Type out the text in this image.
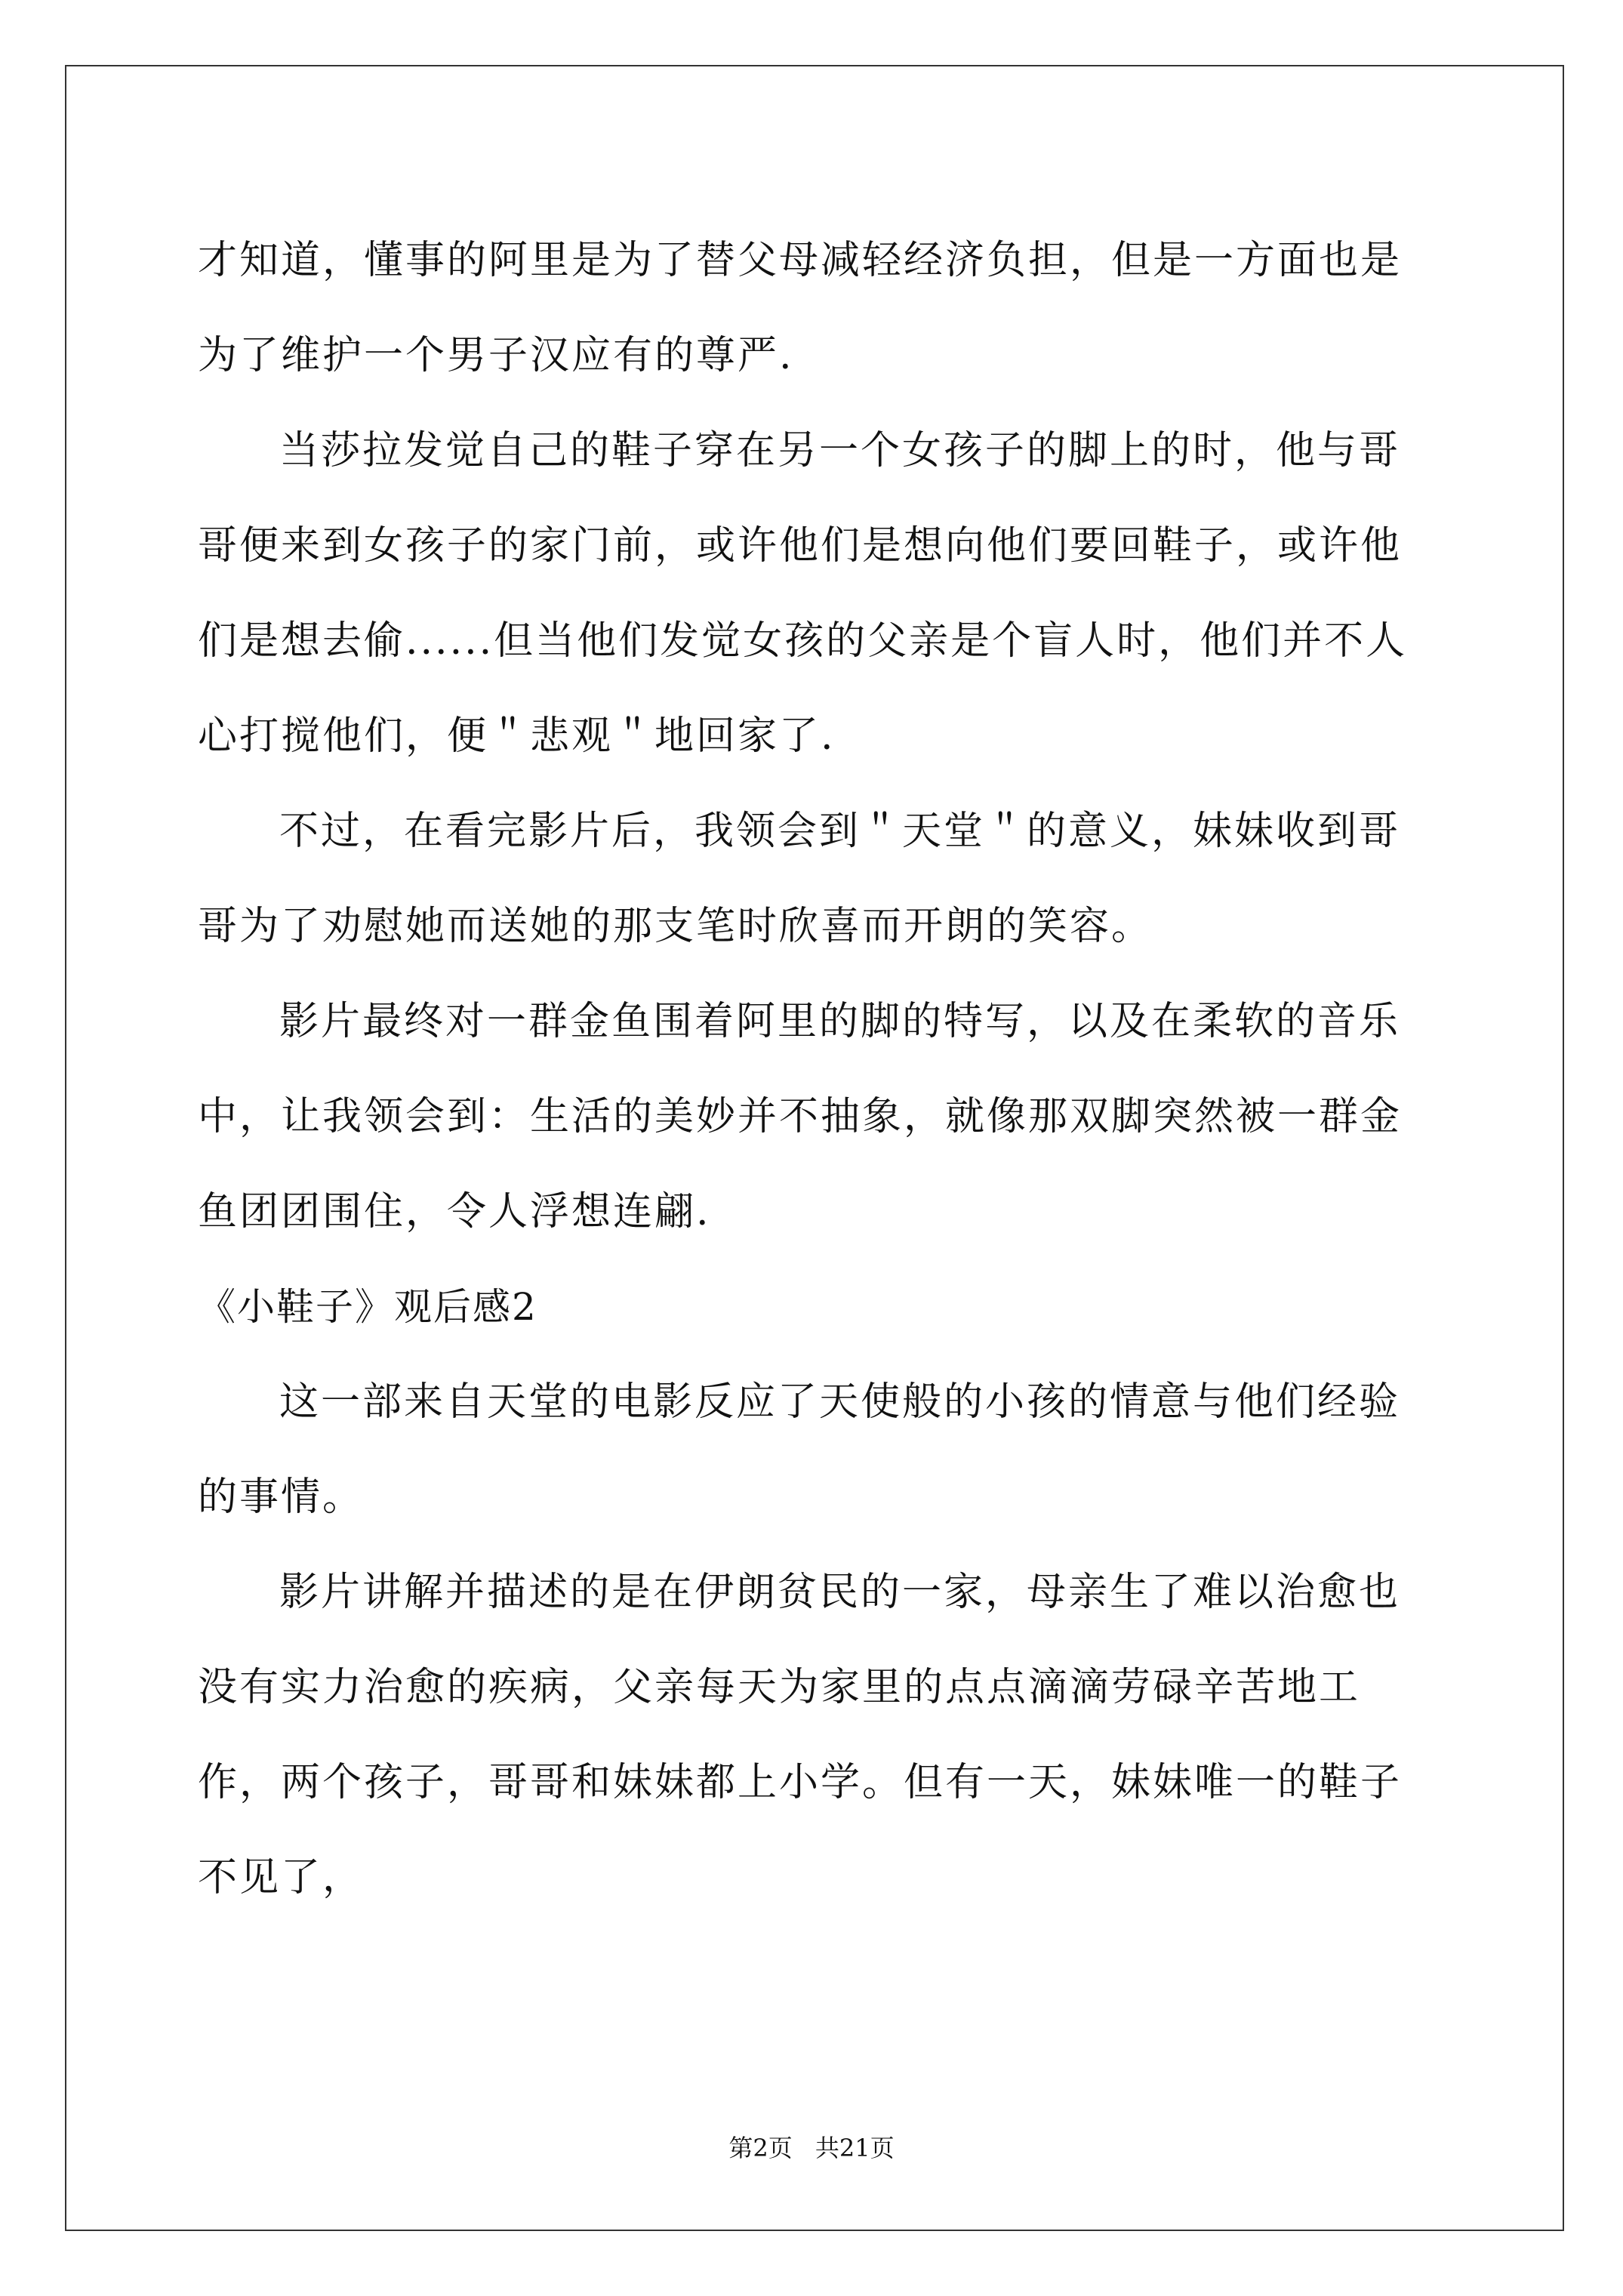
才知道，懂事的阿里是为了替父母减轻经济负担，但是一方面也是为了维护一个男子汉应有的尊严.

当莎拉发觉自己的鞋子穿在另一个女孩子的脚上的时，他与哥哥便来到女孩子的家门前，或许他们是想向他们要回鞋子，或许他们是想去偷......但当他们发觉女孩的父亲是个盲人时，他们并不人心打搅他们，便＂悲观＂地回家了.

不过，在看完影片后，我领会到＂天堂＂的意义，妹妹收到哥哥为了劝慰她而送她的那支笔时欣喜而开朗的笑容。

影片最终对一群金鱼围着阿里的脚的特写，以及在柔软的音乐中，让我领会到：生活的美妙并不抽象，就像那双脚突然被一群金鱼团团围住，令人浮想连翩.

《小鞋子》观后感2

这一部来自天堂的电影反应了天使般的小孩的情意与他们经验的事情。

影片讲解并描述的是在伊朗贫民的一家，母亲生了难以治愈也没有实力治愈的疾病，父亲每天为家里的点点滴滴劳碌辛苦地工作，两个孩子，哥哥和妹妹都上小学。但有一天，妹妹唯一的鞋子不见了，

第2页 共21页
